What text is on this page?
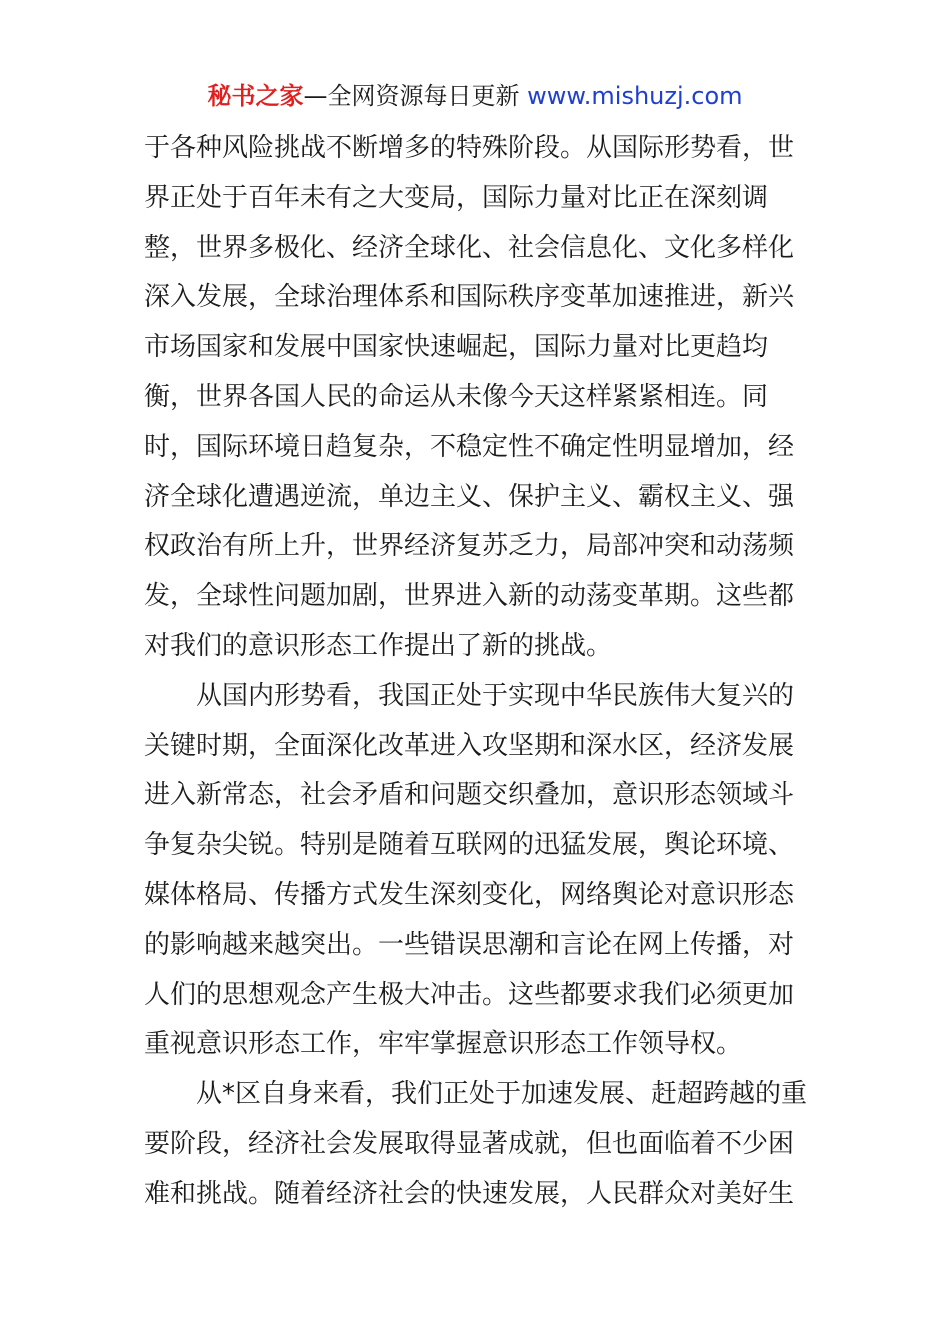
秘书之家—全网资源每日更新 www.mishuzj.com
于各种风险挑战不断增多的特殊阶段。从国际形势看，世
界正处于百年未有之大变局，国际力量对比正在深刻调
整，世界多极化、经济全球化、社会信息化、文化多样化
深入发展，全球治理体系和国际秩序变革加速推进，新兴
市场国家和发展中国家快速崛起，国际力量对比更趋均
衡，世界各国人民的命运从未像今天这样紧紧相连。同
时，国际环境日趋复杂，不稳定性不确定性明显增加，经
济全球化遭遇逆流，单边主义、保护主义、霸权主义、强
权政治有所上升，世界经济复苏乏力，局部冲突和动荡频
发，全球性问题加剧，世界进入新的动荡变革期。这些都
对我们的意识形态工作提出了新的挑战。
从国内形势看，我国正处于实现中华民族伟大复兴的
关键时期，全面深化改革进入攻坚期和深水区，经济发展
进入新常态，社会矛盾和问题交织叠加，意识形态领域斗
争复杂尖锐。特别是随着互联网的迅猛发展，舆论环境、
媒体格局、传播方式发生深刻变化，网络舆论对意识形态
的影响越来越突出。一些错误思潮和言论在网上传播，对
人们的思想观念产生极大冲击。这些都要求我们必须更加
重视意识形态工作，牢牢掌握意识形态工作领导权。
从*区自身来看，我们正处于加速发展、赶超跨越的重
要阶段，经济社会发展取得显著成就，但也面临着不少困
难和挑战。随着经济社会的快速发展，人民群众对美好生
